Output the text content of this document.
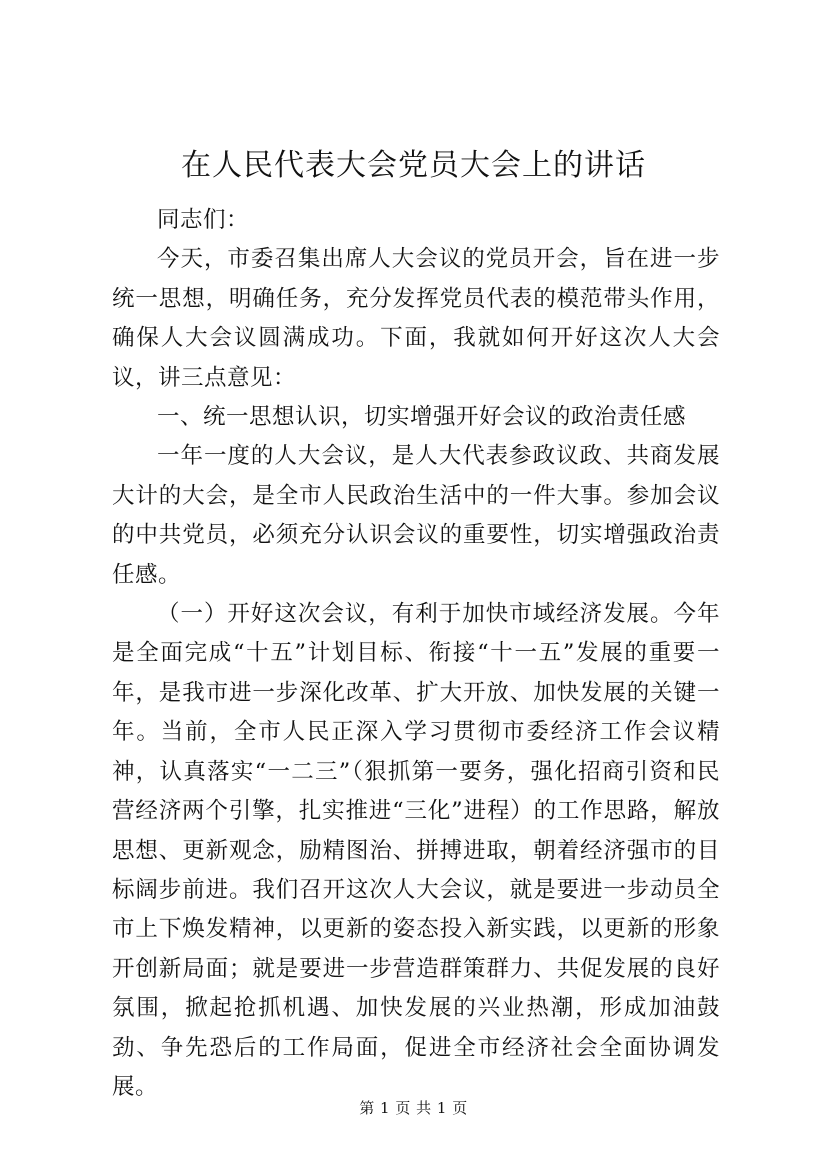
在人民代表大会党员大会上的讲话

同志们：

今天，市委召集出席人大会议的党员开会，旨在进一步统一思想，明确任务，充分发挥党员代表的模范带头作用，确保人大会议圆满成功。下面，我就如何开好这次人大会议，讲三点意见：

一、统一思想认识，切实增强开好会议的政治责任感

一年一度的人大会议，是人大代表参政议政、共商发展大计的大会，是全市人民政治生活中的一件大事。参加会议的中共党员，必须充分认识会议的重要性，切实增强政治责任感。

（一）开好这次会议，有利于加快市域经济发展。今年是全面完成“十五”计划目标、衔接“十一五”发展的重要一年，是我市进一步深化改革、扩大开放、加快发展的关键一年。当前，全市人民正深入学习贯彻市委经济工作会议精神，认真落实“一二三”（狠抓第一要务，强化招商引资和民营经济两个引擎，扎实推进“三化”进程）的工作思路，解放思想、更新观念，励精图治、拼搏进取，朝着经济强市的目标阔步前进。我们召开这次人大会议，就是要进一步动员全市上下焕发精神，以更新的姿态投入新实践，以更新的形象开创新局面；就是要进一步营造群策群力、共促发展的良好氛围，掀起抢抓机遇、加快发展的兴业热潮，形成加油鼓劲、争先恐后的工作局面，促进全市经济社会全面协调发展。

第 1 页 共 1 页
